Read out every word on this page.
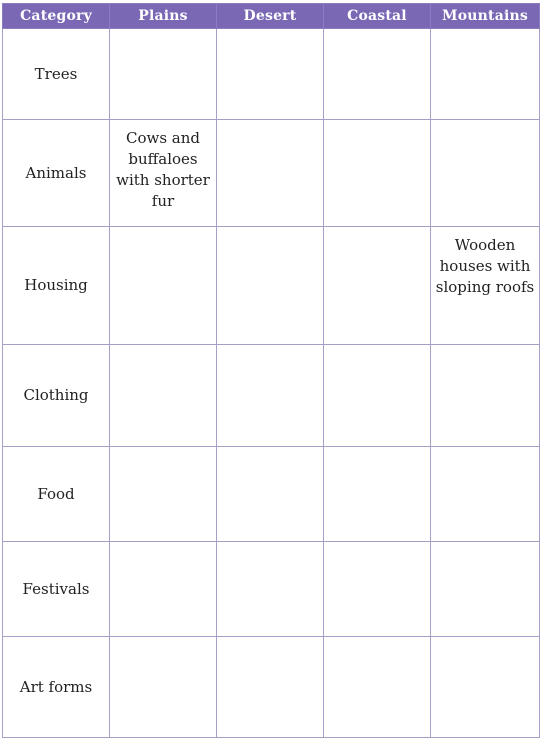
Category	Plains	Desert	Coastal	Mountains
Trees				
Animals	Cows and buffaloes with shorter fur			
Housing				Wooden houses with sloping roofs
Clothing				
Food				
Festivals				
Art forms				
